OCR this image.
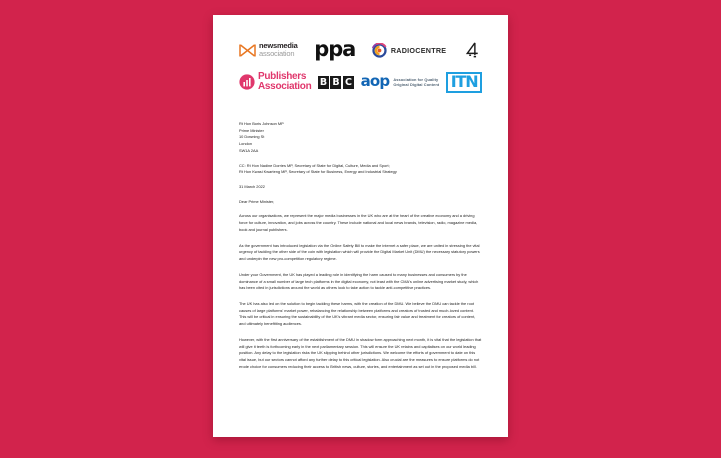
newsmedia
association ppa	RADIOCENTRE
Publishers
Association B B C aop Association for Quality
Original Digital Content ITN
Rt Hon Boris Johnson MP
Prime Minister
10 Downing St
London
SW1A 2AA
CC: Rt Hon Nadine Dorries MP, Secretary of State for Digital, Culture, Media and Sport;
Rt Hon Kwasi Kwarteng MP, Secretary of State for Business, Energy and Industrial Strategy
31 March 2022
Dear Prime Minister,

Across our organisations, we represent the major media businesses in the UK who are at the heart of the creative economy and a driving force for culture, innovation, and jobs across the country. These include national and local news brands, television, radio, magazine media, book and journal publishers.

As the government has introduced legislation via the Online Safety Bill to make the internet a safer place, we are united in stressing the vital urgency of tackling the other side of the coin with legislation which will provide the Digital Market Unit (DMU) the necessary statutory powers and underpin the new pro-competition regulatory regime.

Under your Government, the UK has played a leading role in identifying the harm caused to many businesses and consumers by the dominance of a small number of large tech platforms in the digital economy, not least with the CMA's online advertising market study, which has been cited in jurisdictions around the world as others look to take action to tackle anti-competitive practices.

The UK has also led on the solution to begin tackling these harms, with the creation of the DMU. We believe the DMU can tackle the root causes of large platforms' market power, rebalancing the relationship between platforms and creators of trusted and much-loved content. This will be critical in ensuring the sustainability of the UK's vibrant media sector, ensuring fair value and treatment for creators of content, and ultimately benefitting audiences.

However, with the first anniversary of the establishment of the DMU in shadow form approaching next month, it is vital that the legislation that will give it teeth is forthcoming early in the next parliamentary session. This will ensure the UK retains and capitalises on our world leading position. Any delay to the legislation risks the UK slipping behind other jurisdictions. We welcome the efforts of government to date on this vital issue, but our sectors cannot afford any further delay to this critical legislation. Also crucial are the measures to ensure platforms do not erode choice for consumers reducing their access to British news, culture, stories, and entertainment as set out in the proposed media bill.
